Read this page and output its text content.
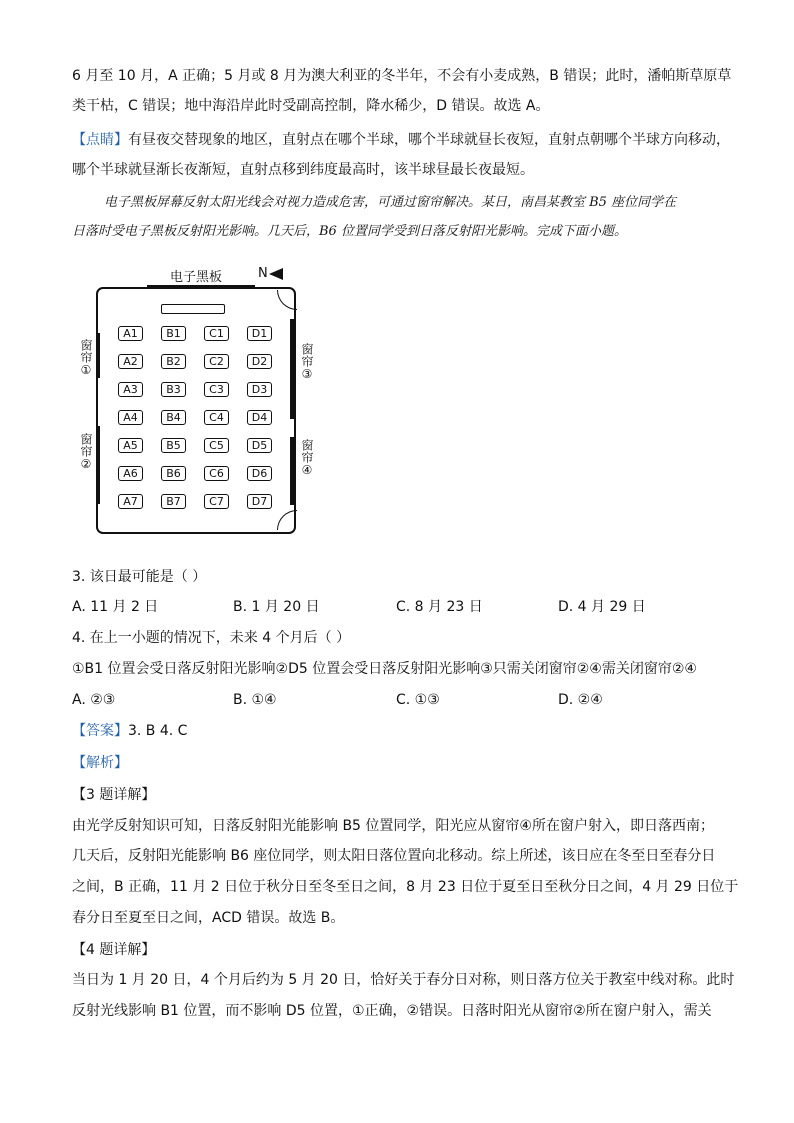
6 月至 10 月，A 正确；5 月或 8 月为澳大利亚的冬半年，不会有小麦成熟，B 错误；此时，潘帕斯草原草
类干枯，C 错误；地中海沿岸此时受副高控制，降水稀少，D 错误。故选 A。
【点睛】有昼夜交替现象的地区，直射点在哪个半球，哪个半球就昼长夜短，直射点朝哪个半球方向移动，
哪个半球就昼渐长夜渐短，直射点移到纬度最高时，该半球昼最长夜最短。
电子黑板屏幕反射太阳光线会对视力造成危害，可通过窗帘解决。某日，南昌某教室 B5 座位同学在
日落时受电子黑板反射阳光影响。几天后，B6 位置同学受到日落反射阳光影响。完成下面小题。
电子黑板	N
窗帘①
窗帘②
窗帘③
窗帘④
A1	B1	C1	D1
A2	B2	C2	D2
A3	B3	C3	D3
A4	B4	C4	D4
A5	B5	C5	D5
A6	B6	C6	D6
A7	B7	C7	D7
3. 该日最可能是（ ）
A. 11 月 2 日	B. 1 月 20 日	C. 8 月 23 日	D. 4 月 29 日
4. 在上一小题的情况下，未来 4 个月后（ ）
①B1 位置会受日落反射阳光影响②D5 位置会受日落反射阳光影响③只需关闭窗帘②④需关闭窗帘②④
A. ②③	B. ①④	C. ①③	D. ②④
【答案】3. B 4. C
【解析】
【3 题详解】
由光学反射知识可知，日落反射阳光能影响 B5 位置同学，阳光应从窗帘④所在窗户射入，即日落西南；
几天后，反射阳光能影响 B6 座位同学，则太阳日落位置向北移动。综上所述，该日应在冬至日至春分日
之间，B 正确，11 月 2 日位于秋分日至冬至日之间，8 月 23 日位于夏至日至秋分日之间，4 月 29 日位于
春分日至夏至日之间，ACD 错误。故选 B。
【4 题详解】
当日为 1 月 20 日，4 个月后约为 5 月 20 日，恰好关于春分日对称，则日落方位关于教室中线对称。此时
反射光线影响 B1 位置，而不影响 D5 位置，①正确，②错误。日落时阳光从窗帘②所在窗户射入，需关
